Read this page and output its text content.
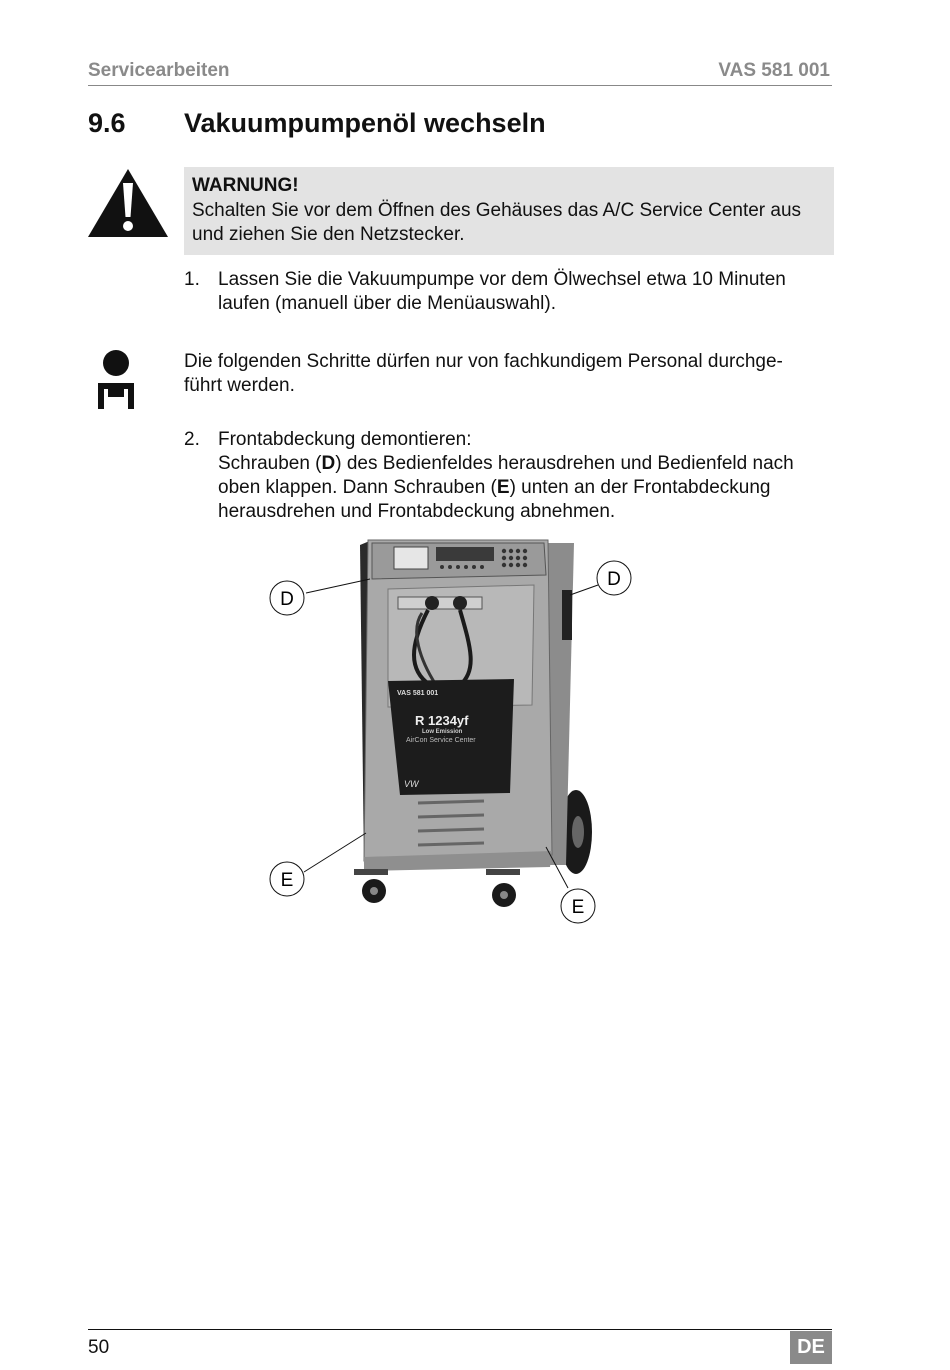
Servicearbeiten	VAS 581 001
9.6 Vakuumpumpenöl wechseln
WARNUNG!
Schalten Sie vor dem Öffnen des Gehäuses das A/C Service Center aus
und ziehen Sie den Netzstecker.
1. Lassen Sie die Vakuumpumpe vor dem Ölwechsel etwa 10 Minuten
laufen (manuell über die Menüauswahl).
Die folgenden Schritte dürfen nur von fachkundigem Personal durchge-
führt werden.
2. Frontabdeckung demontieren:
Schrauben (D) des Bedienfeldes herausdrehen und Bedienfeld nach
oben klappen. Dann Schrauben (E) unten an der Frontabdeckung
herausdrehen und Frontabdeckung abnehmen.
VAS 581 001
R 1234yf
Low Emission
AirCon Service Center
VW
D
D
E
E
50	DE
